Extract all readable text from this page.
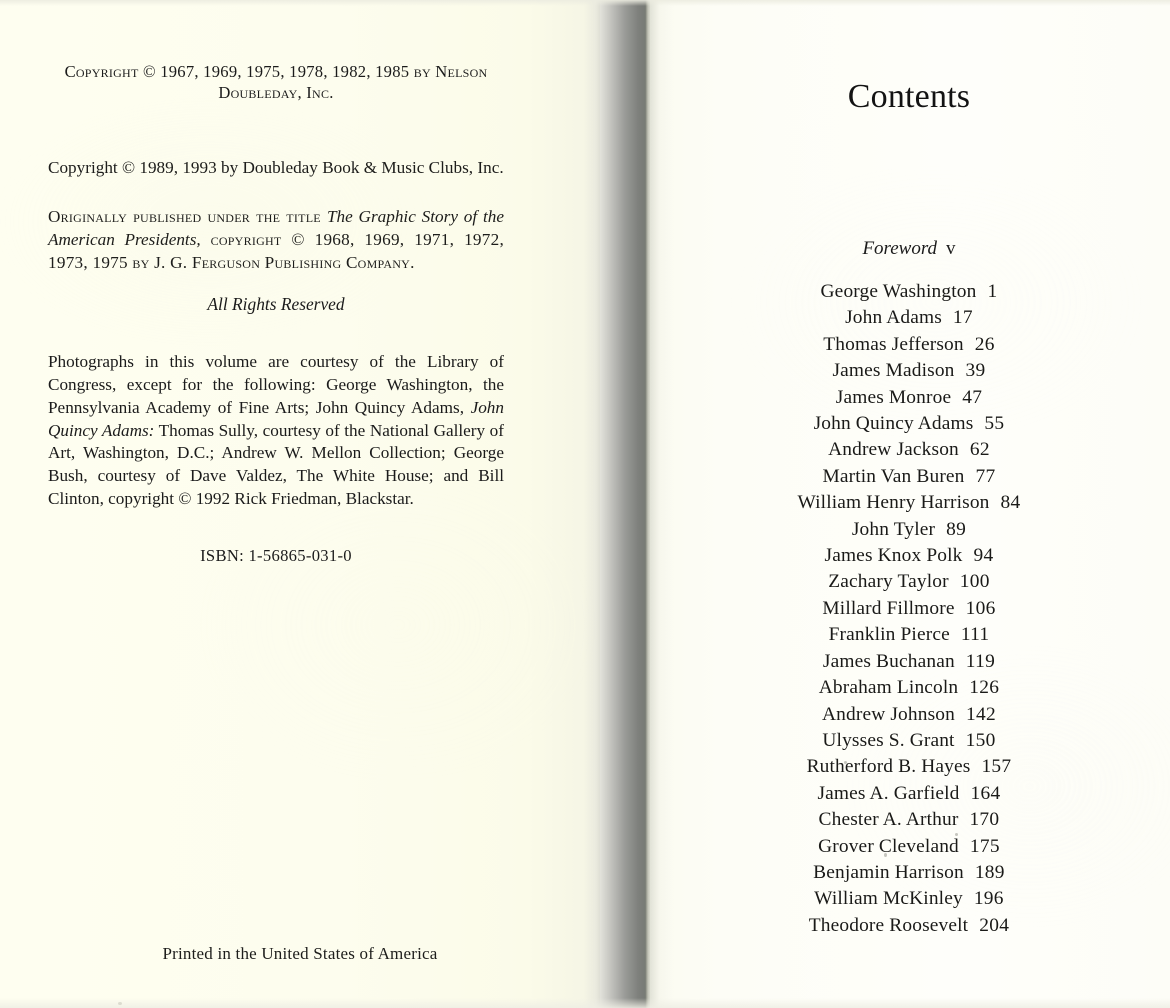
Copyright © 1967, 1969, 1975, 1978, 1982, 1985 by Nelson
Doubleday, Inc.

Copyright © 1989, 1993 by Doubleday Book & Music Clubs, Inc.

Originally published under the title The Graphic Story of the American Presidents, copyright © 1968, 1969, 1971, 1972, 1973, 1975 by J. G. Ferguson Publishing Company.

All Rights Reserved

Photographs in this volume are courtesy of the Library of Congress, except for the following: George Washington, the Pennsylvania Academy of Fine Arts; John Quincy Adams, John Quincy Adams: Thomas Sully, courtesy of the National Gallery of Art, Washington, D.C.; Andrew W. Mellon Collection; George Bush, courtesy of Dave Valdez, The White House; and Bill Clinton, copyright © 1992 Rick Friedman, Blackstar.

ISBN: 1-56865-031-0

Printed in the United States of America
Contents
Foreword v
George Washington 1
John Adams 17
Thomas Jefferson 26
James Madison 39
James Monroe 47
John Quincy Adams 55
Andrew Jackson 62
Martin Van Buren 77
William Henry Harrison 84
John Tyler 89
James Knox Polk 94
Zachary Taylor 100
Millard Fillmore 106
Franklin Pierce 111
James Buchanan 119
Abraham Lincoln 126
Andrew Johnson 142
Ulysses S. Grant 150
Rutherford B. Hayes 157
James A. Garfield 164
Chester A. Arthur 170
Grover Cleveland 175
Benjamin Harrison 189
William McKinley 196
Theodore Roosevelt 204
